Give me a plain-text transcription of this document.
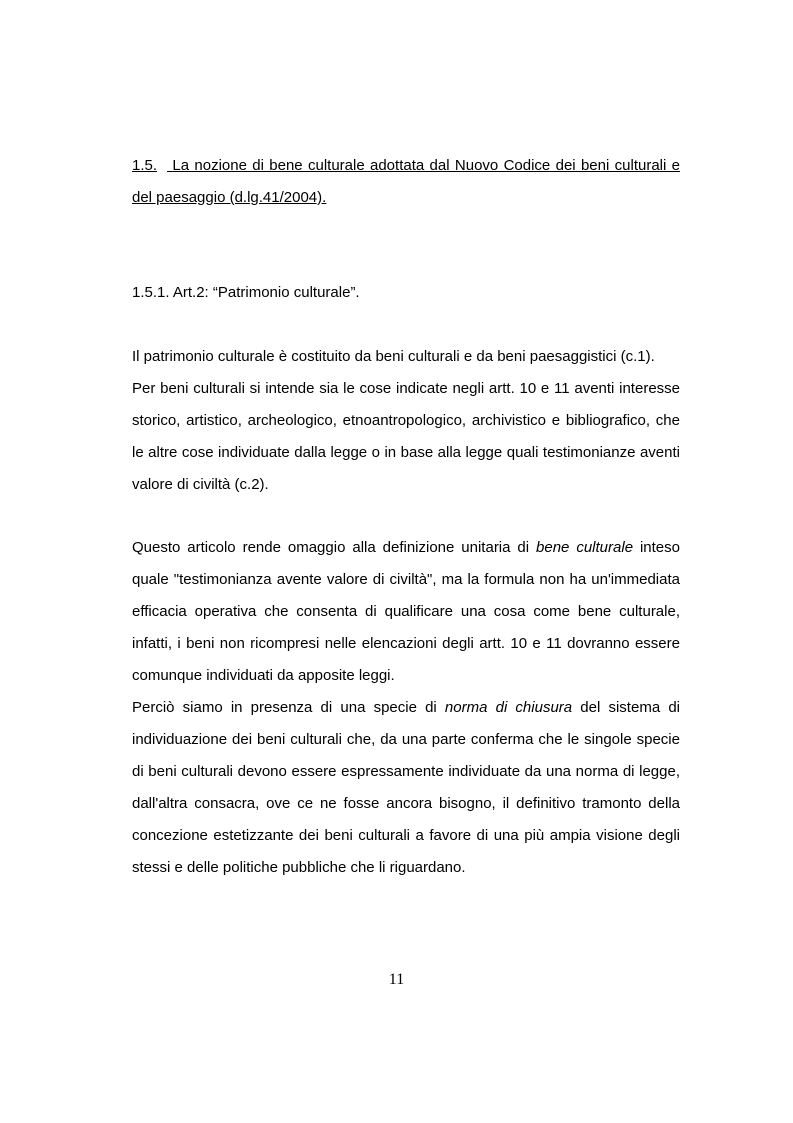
1.5. La nozione di bene culturale adottata dal Nuovo Codice dei beni culturali e del paesaggio (d.lg.41/2004).

1.5.1. Art.2: “Patrimonio culturale”.

Il patrimonio culturale è costituito da beni culturali e da beni paesaggistici (c.1).

Per beni culturali si intende sia le cose indicate negli artt. 10 e 11 aventi interesse storico, artistico, archeologico, etnoantropologico, archivistico e bibliografico, che le altre cose individuate dalla legge o in base alla legge quali testimonianze aventi valore di civiltà (c.2).

Questo articolo rende omaggio alla definizione unitaria di bene culturale inteso quale "testimonianza avente valore di civiltà", ma la formula non ha un'immediata efficacia operativa che consenta di qualificare una cosa come bene culturale, infatti, i beni non ricompresi nelle elencazioni degli artt. 10 e 11 dovranno essere comunque individuati da apposite leggi.

Perciò siamo in presenza di una specie di norma di chiusura del sistema di individuazione dei beni culturali che, da una parte conferma che le singole specie di beni culturali devono essere espressamente individuate da una norma di legge, dall'altra consacra, ove ce ne fosse ancora bisogno, il definitivo tramonto della concezione estetizzante dei beni culturali a favore di una più ampia visione degli stessi e delle politiche pubbliche che li riguardano.

11
